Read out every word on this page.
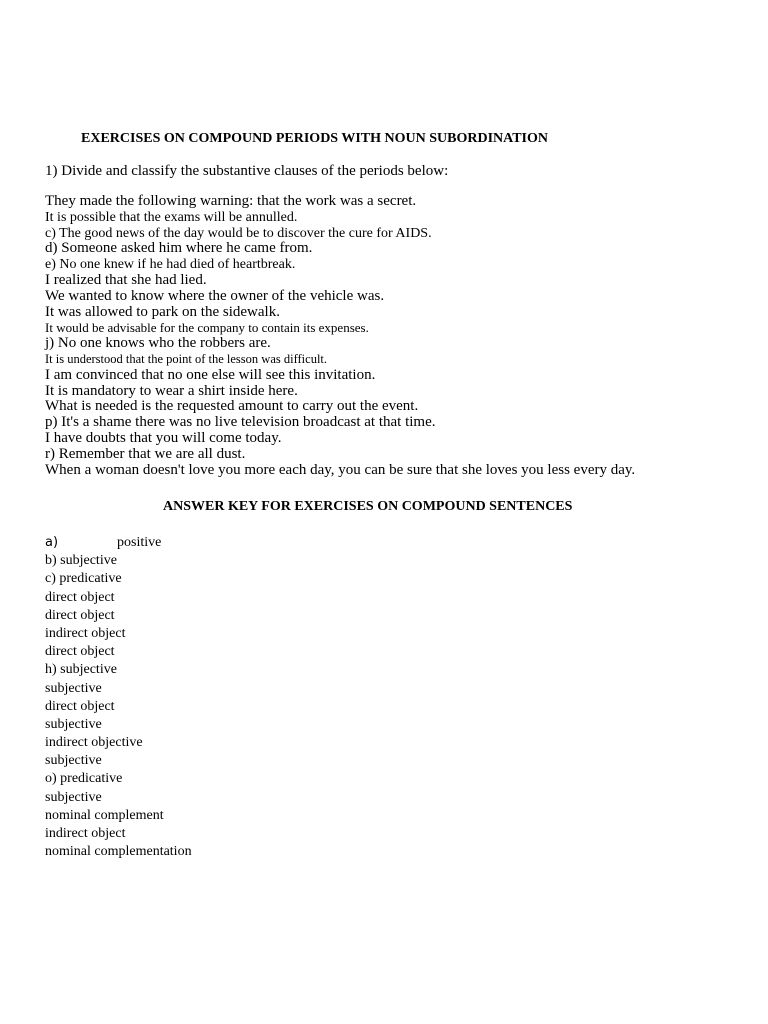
EXERCISES ON COMPOUND PERIODS WITH NOUN SUBORDINATION
1) Divide and classify the substantive clauses of the periods below:
They made the following warning: that the work was a secret.
It is possible that the exams will be annulled.
c) The good news of the day would be to discover the cure for AIDS.
d) Someone asked him where he came from.
e) No one knew if he had died of heartbreak.
I realized that she had lied.
We wanted to know where the owner of the vehicle was.
It was allowed to park on the sidewalk.
It would be advisable for the company to contain its expenses.
j) No one knows who the robbers are.
It is understood that the point of the lesson was difficult.
I am convinced that no one else will see this invitation.
It is mandatory to wear a shirt inside here.
What is needed is the requested amount to carry out the event.
p) It's a shame there was no live television broadcast at that time.
I have doubts that you will come today.
r) Remember that we are all dust.
When a woman doesn't love you more each day, you can be sure that she loves you less every day.
ANSWER KEY FOR EXERCISES ON COMPOUND SENTENCES
a)	positive
b) subjective
c) predicative
direct object
direct object
indirect object
direct object
h) subjective
subjective
direct object
subjective
indirect objective
subjective
o) predicative
subjective
nominal complement
indirect object
nominal complementation
